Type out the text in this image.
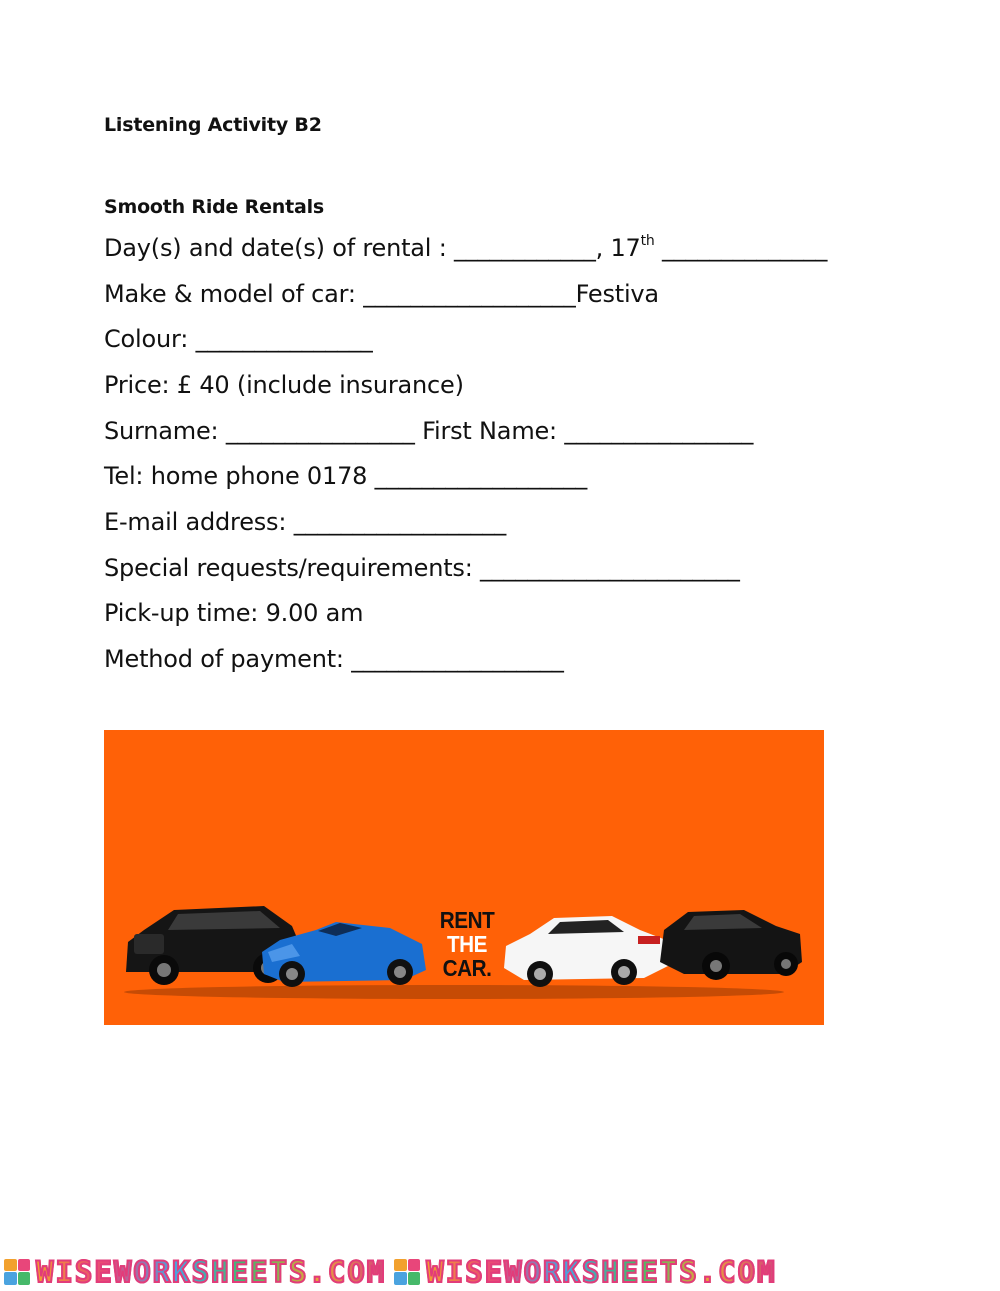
Listening Activity B2
Smooth Ride Rentals
Day(s) and date(s) of rental : ____________, 17th ______________
Make & model of car: __________________Festiva
Colour: _______________
Price: £ 40 (include insurance)
Surname: ________________ First Name: ________________
Tel: home phone 0178 __________________
E-mail address: __________________
Special requests/requirements: ______________________
Pick-up time: 9.00 am
Method of payment: __________________
RENT
THE
CAR.
WISEWORKSHEETS.COM WISEWORKSHEETS.COM
